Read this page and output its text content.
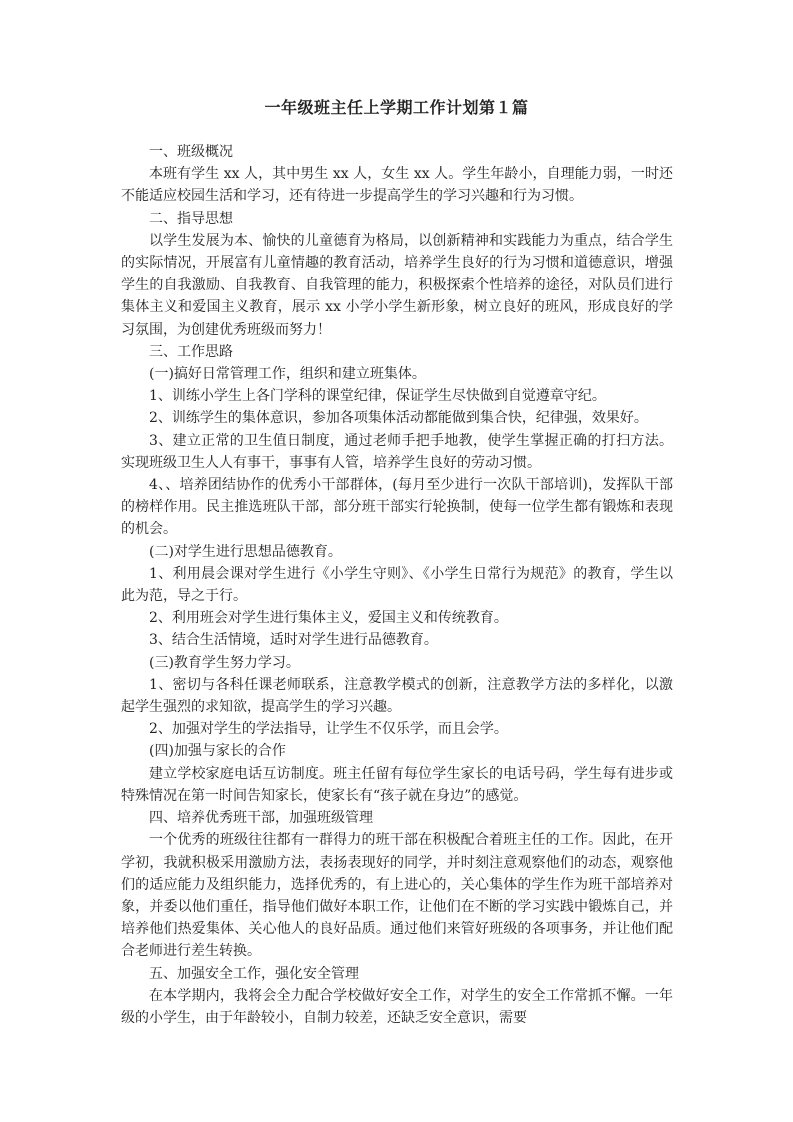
一年级班主任上学期工作计划第１篇

一、班级概况

本班有学生 xx 人，其中男生 xx 人，女生 xx 人。学生年龄小，自理能力弱，一时还不能适应校园生活和学习，还有待进一步提高学生的学习兴趣和行为习惯。

二、指导思想

以学生发展为本、愉快的儿童德育为格局，以创新精神和实践能力为重点，结合学生的实际情况，开展富有儿童情趣的教育活动，培养学生良好的行为习惯和道德意识，增强学生的自我激励、自我教育、自我管理的能力，积极探索个性培养的途径，对队员们进行集体主义和爱国主义教育，展示 xx 小学小学生新形象，树立良好的班风，形成良好的学习氛围，为创建优秀班级而努力！

三、工作思路

(一)搞好日常管理工作，组织和建立班集体。

1、训练小学生上各门学科的课堂纪律，保证学生尽快做到自觉遵章守纪。

2、训练学生的集体意识，参加各项集体活动都能做到集合快，纪律强，效果好。

3、建立正常的卫生值日制度，通过老师手把手地教，使学生掌握正确的打扫方法。实现班级卫生人人有事干，事事有人管，培养学生良好的劳动习惯。

4、、培养团结协作的优秀小干部群体，(每月至少进行一次队干部培训)，发挥队干部的榜样作用。民主推选班队干部，部分班干部实行轮换制，使每一位学生都有锻炼和表现的机会。

(二)对学生进行思想品德教育。

1、利用晨会课对学生进行《小学生守则》、《小学生日常行为规范》的教育，学生以此为范，导之于行。

2、利用班会对学生进行集体主义，爱国主义和传统教育。

3、结合生活情境，适时对学生进行品德教育。

(三)教育学生努力学习。

1、密切与各科任课老师联系，注意教学模式的创新，注意教学方法的多样化，以激起学生强烈的求知欲，提高学生的学习兴趣。

2、加强对学生的学法指导，让学生不仅乐学，而且会学。

(四)加强与家长的合作

建立学校家庭电话互访制度。班主任留有每位学生家长的电话号码，学生每有进步或特殊情况在第一时间告知家长，使家长有“孩子就在身边”的感觉。

四、培养优秀班干部，加强班级管理

一个优秀的班级往往都有一群得力的班干部在积极配合着班主任的工作。因此，在开学初，我就积极采用激励方法，表扬表现好的同学，并时刻注意观察他们的动态，观察他们的适应能力及组织能力，选择优秀的，有上进心的，关心集体的学生作为班干部培养对象，并委以他们重任，指导他们做好本职工作，让他们在不断的学习实践中锻炼自己，并培养他们热爱集体、关心他人的良好品质。通过他们来管好班级的各项事务，并让他们配合老师进行差生转换。

五、加强安全工作，强化安全管理

在本学期内，我将会全力配合学校做好安全工作，对学生的安全工作常抓不懈。一年级的小学生，由于年龄较小，自制力较差，还缺乏安全意识，需要
